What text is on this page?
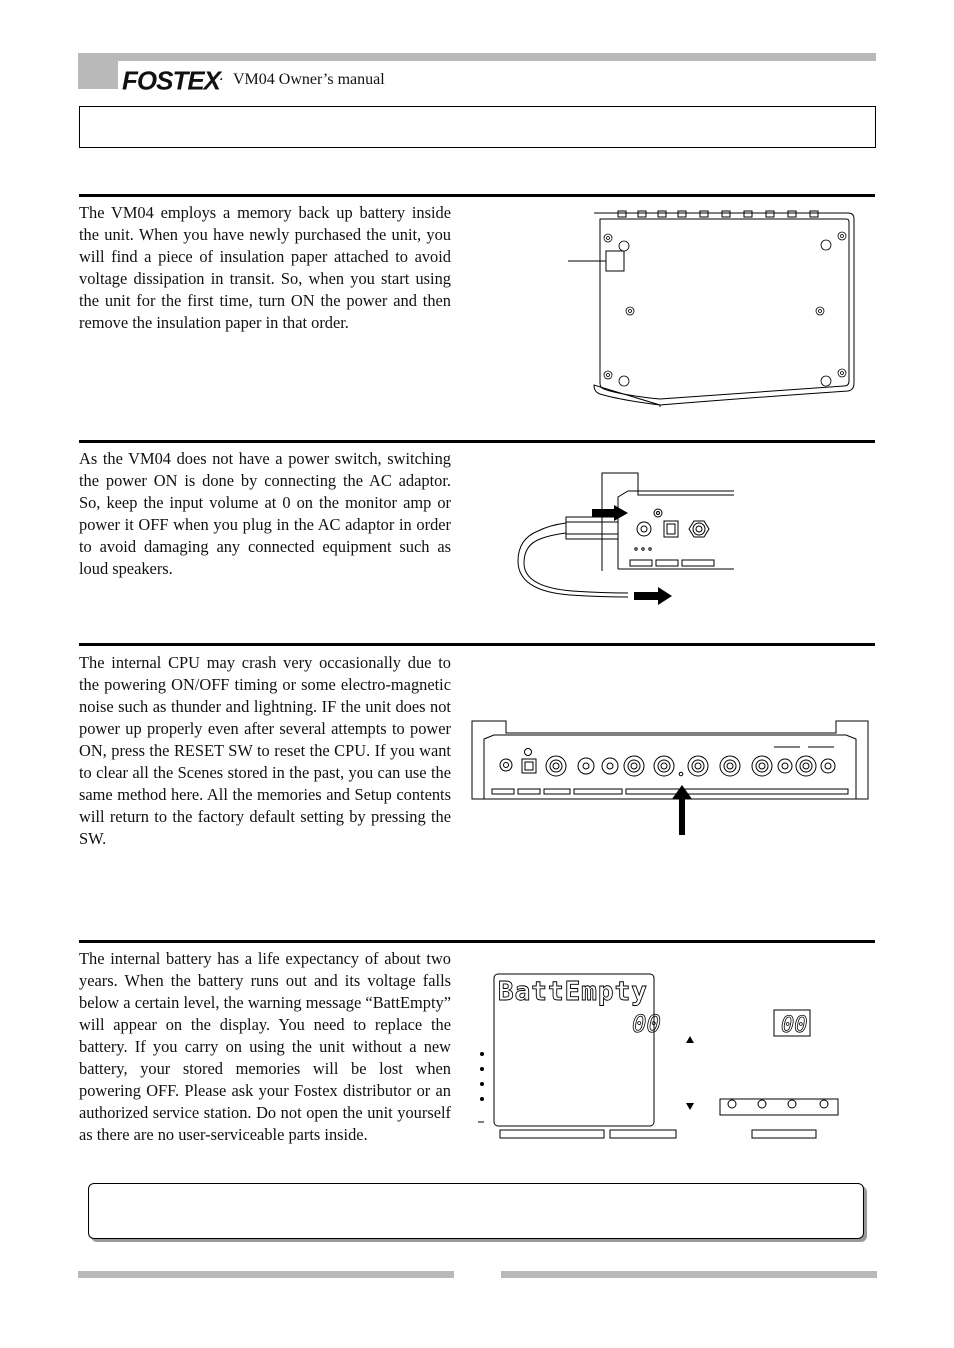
FOSTEX. VM04 Owner’s manual

The VM04 employs a memory back up battery inside the unit. When you have newly purchased the unit, you will find a piece of insulation paper attached to avoid voltage dissipation in transit. So, when you start using the unit for the first time, turn ON the power and then remove the insulation paper in that order.

As the VM04 does not have a power switch, switching the power ON is done by connecting the AC adaptor. So, keep the input volume at 0 on the monitor amp or power it OFF when you plug in the AC adaptor in order to avoid damaging any connected equipment such as loud speakers.

The internal CPU may crash very occasionally due to the powering ON/OFF timing or some electro-magnetic noise such as thunder and lightning. IF the unit does not power up properly even after several attempts to power ON, press the RESET SW to reset the CPU. If you want to clear all the Scenes stored in the past, you can use the same method here. All the memories and Setup contents will return to the factory default setting by pressing the SW.

The internal battery has a life expectancy of about two years. When the battery runs out and its voltage falls below a certain level, the warning message “BattEmpty” will appear on the display. You need to replace the battery. If you carry on using the unit without a new battery, your stored memories will be lost when powering OFF. Please ask your Fostex distributor or an authorized service station. Do not open the unit yourself as there are no user-serviceable parts inside.

BattEmpty
00	00
